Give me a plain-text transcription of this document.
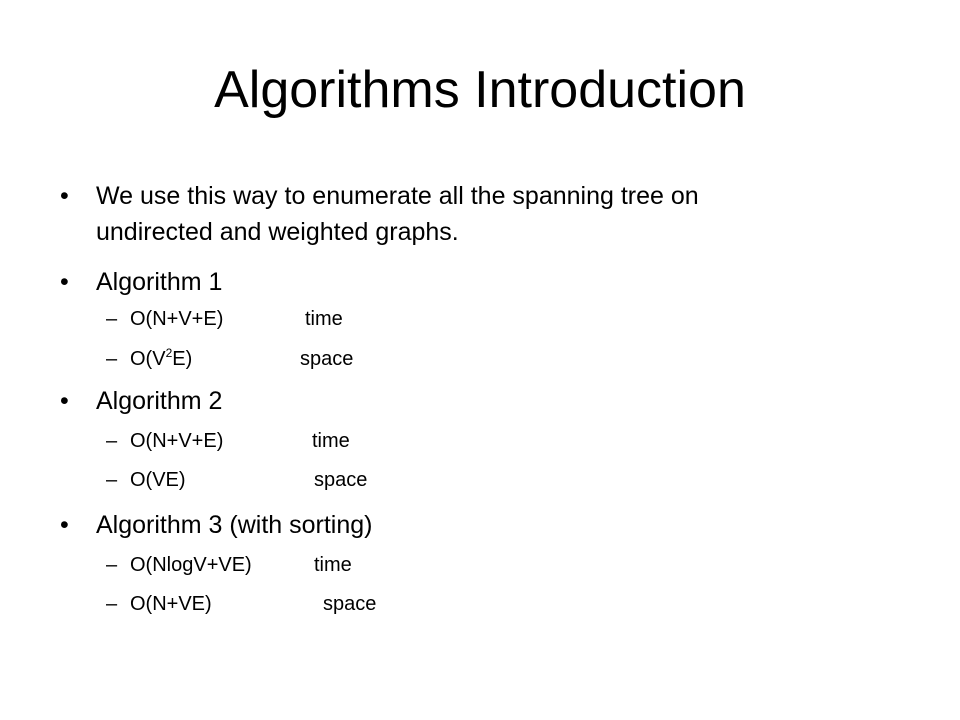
Algorithms Introduction
• We use this way to enumerate all the spanning tree on
undirected and weighted graphs.
• Algorithm 1
– O(N+V+E)	time
– $O(V^2E)$	space
• Algorithm 2
– O(N+V+E)	time
– O(VE)	space
• Algorithm 3 (with sorting)
– O(NlogV+VE)	time
– O(N+VE)	space
